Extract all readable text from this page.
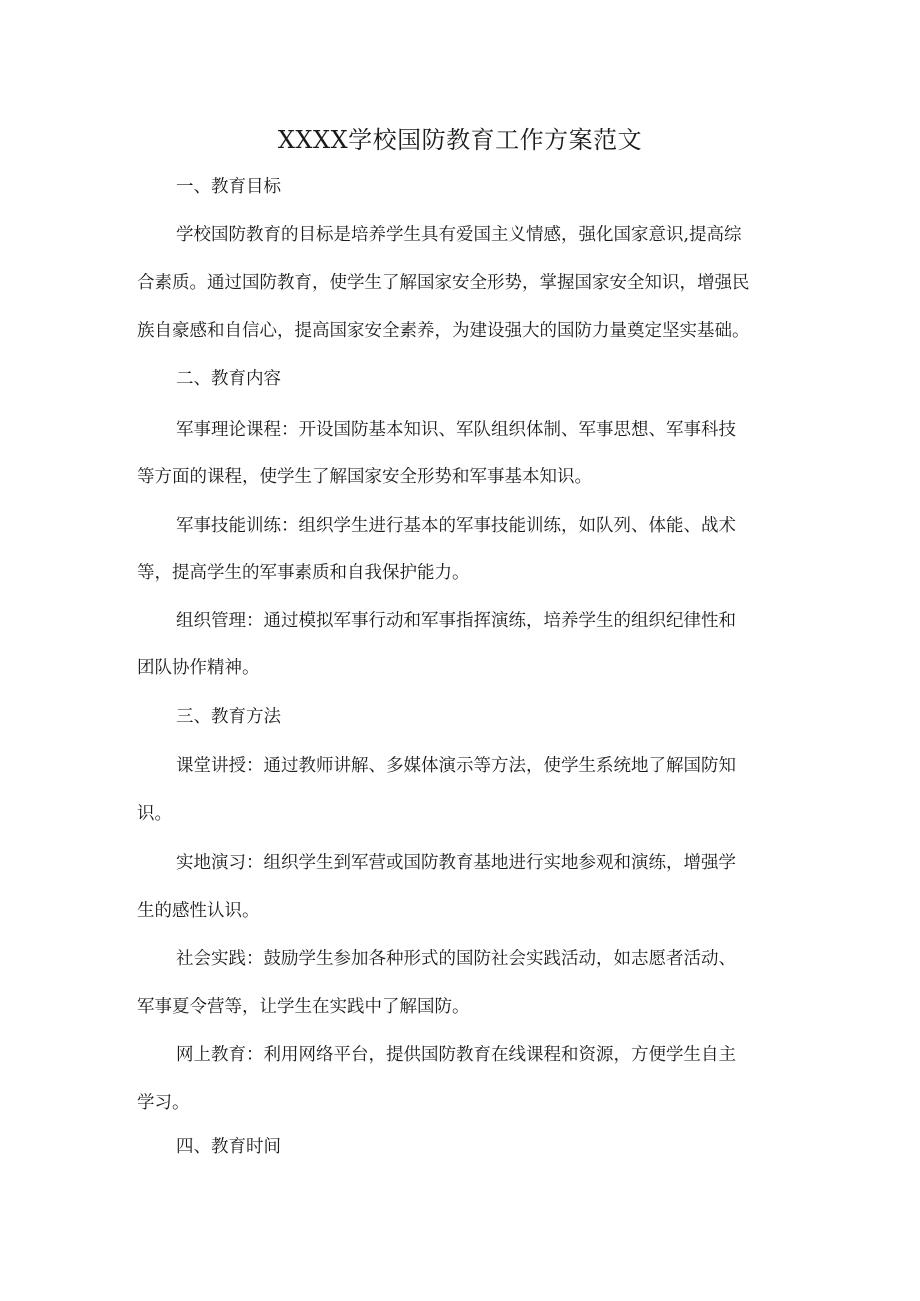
XXXX学校国防教育工作方案范文

一、教育目标

学校国防教育的目标是培养学生具有爱国主义情感，强化国家意识,提高综

合素质。通过国防教育，使学生了解国家安全形势，掌握国家安全知识，增强民

族自豪感和自信心，提高国家安全素养，为建设强大的国防力量奠定坚实基础。

二、教育内容

军事理论课程：开设国防基本知识、军队组织体制、军事思想、军事科技

等方面的课程，使学生了解国家安全形势和军事基本知识。

军事技能训练：组织学生进行基本的军事技能训练，如队列、体能、战术

等，提高学生的军事素质和自我保护能力。

组织管理：通过模拟军事行动和军事指挥演练，培养学生的组织纪律性和

团队协作精神。

三、教育方法

课堂讲授：通过教师讲解、多媒体演示等方法，使学生系统地了解国防知

识。

实地演习：组织学生到军营或国防教育基地进行实地参观和演练，增强学

生的感性认识。

社会实践：鼓励学生参加各种形式的国防社会实践活动，如志愿者活动、

军事夏令营等，让学生在实践中了解国防。

网上教育：利用网络平台，提供国防教育在线课程和资源，方便学生自主

学习。

四、教育时间
